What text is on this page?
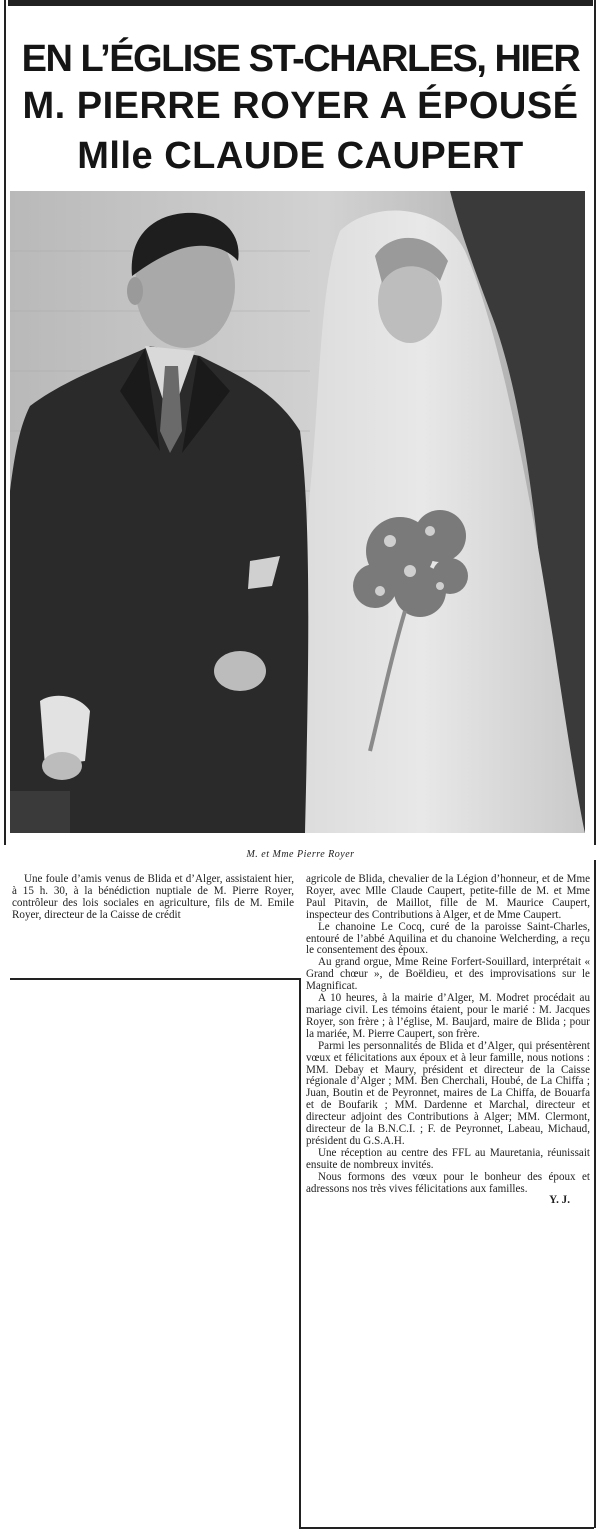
EN L’ÉGLISE ST-CHARLES, HIER
M. PIERRE ROYER A ÉPOUSÉ
Mlle CLAUDE CAUPERT
M. et Mme Pierre Royer

Une foule d’amis venus de Blida et d’Alger, assistaient hier, à 15 h. 30, à la bénédiction nuptiale de M. Pierre Royer, contrôleur des lois sociales en agriculture, fils de M. Emile Royer, directeur de la Caisse de crédit

agricole de Blida, chevalier de la Légion d’honneur, et de Mme Royer, avec Mlle Claude Caupert, petite-fille de M. et Mme Paul Pitavin, de Maillot, fille de M. Maurice Caupert, inspecteur des Contributions à Alger, et de Mme Caupert.

Le chanoine Le Cocq, curé de la paroisse Saint-Charles, entouré de l’abbé Aquilina et du chanoine Welcherding, a reçu le consentement des époux.

Au grand orgue, Mme Reine Forfert-Souillard, interprétait « Grand chœur », de Boëldieu, et des improvisations sur le Magnificat.

A 10 heures, à la mairie d’Alger, M. Modret procédait au mariage civil. Les témoins étaient, pour le marié : M. Jacques Royer, son frère ; à l’église, M. Baujard, maire de Blida ; pour la mariée, M. Pierre Caupert, son frère.

Parmi les personnalités de Blida et d’Alger, qui présentèrent vœux et félicitations aux époux et à leur famille, nous notions : MM. Debay et Maury, président et directeur de la Caisse régionale d’Alger ; MM. Ben Cherchali, Houbé, de La Chiffa ; Juan, Boutin et de Peyronnet, maires de La Chiffa, de Bouarfa et de Boufarik ; MM. Dardenne et Marchal, directeur et directeur adjoint des Contributions à Alger; MM. Clermont, directeur de la B.N.C.I. ; F. de Peyronnet, Labeau, Michaud, président du G.S.A.H.

Une réception au centre des FFL au Mauretania, réunissait ensuite de nombreux invités.

Nous formons des vœux pour le bonheur des époux et adressons nos très vives félicitations aux familles.

Y. J.
